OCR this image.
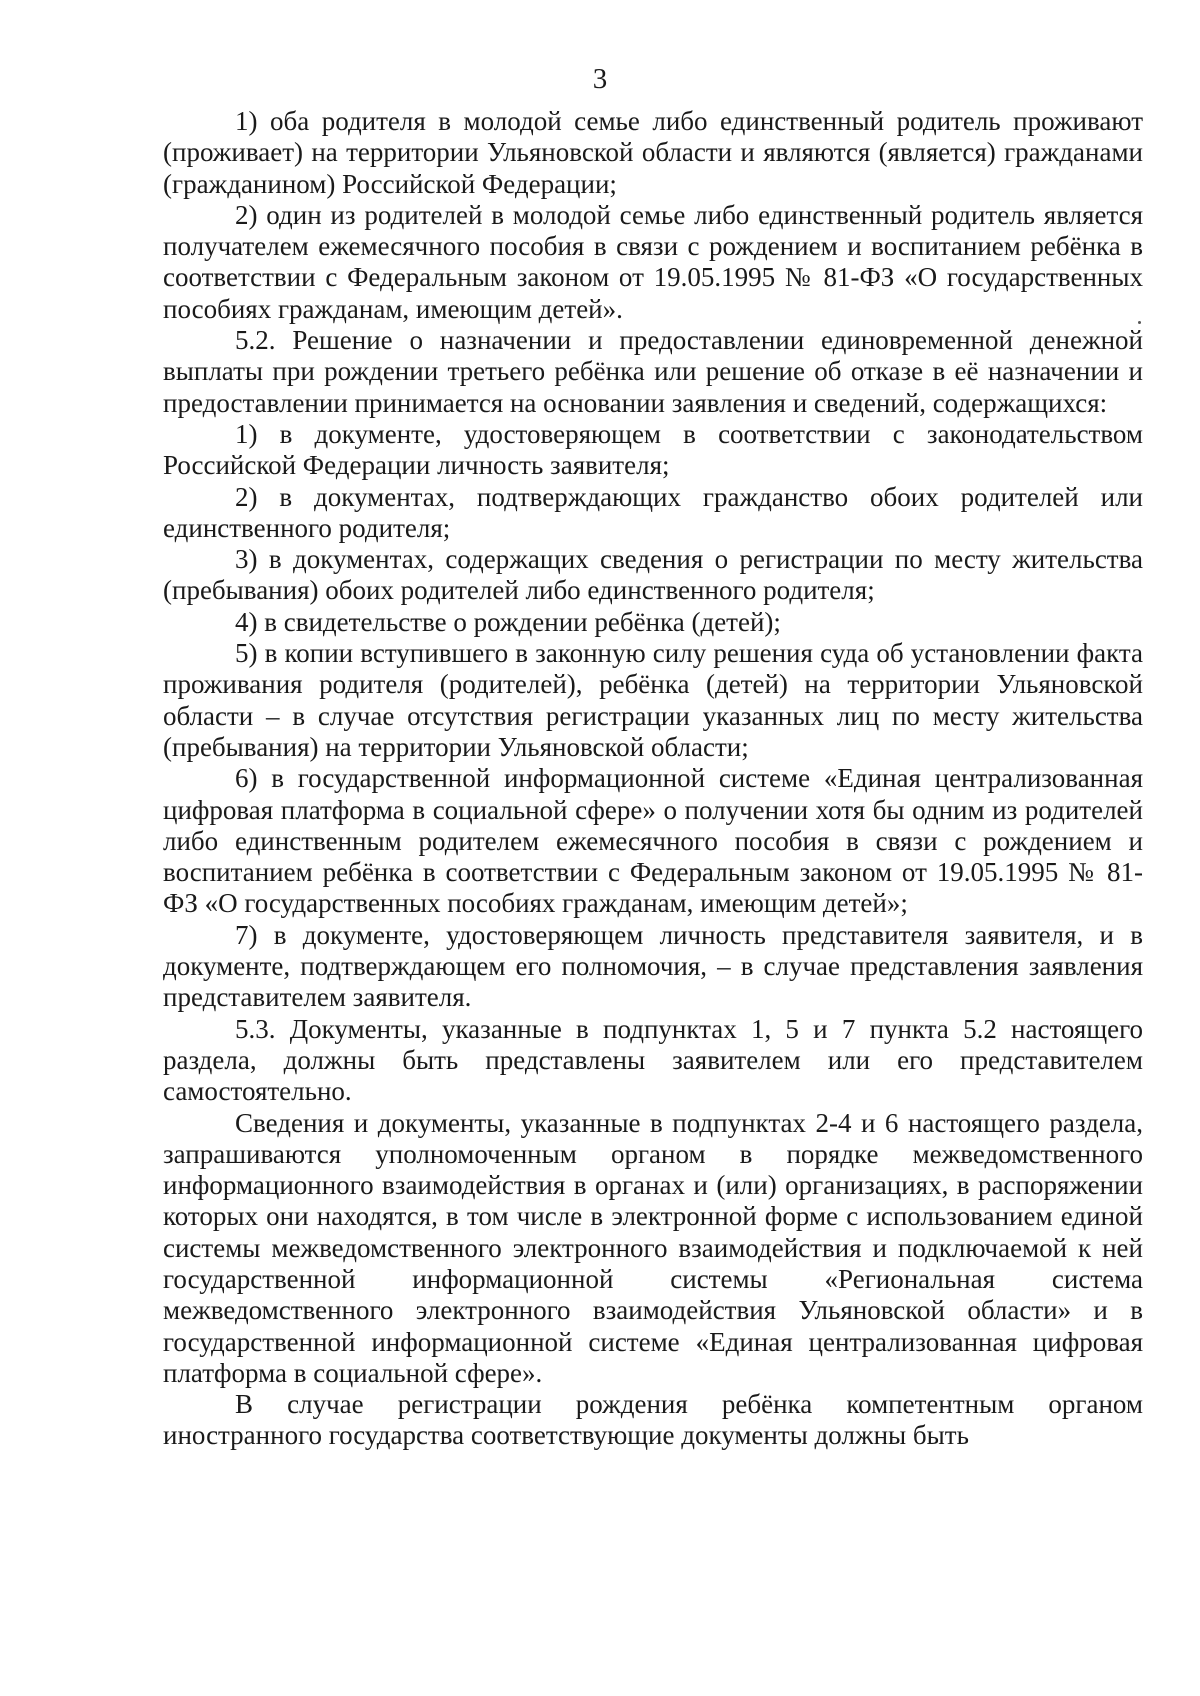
3

1) оба родителя в молодой семье либо единственный родитель проживают (проживает) на территории Ульяновской области и являются (является) гражданами (гражданином) Российской Федерации;

2) один из родителей в молодой семье либо единственный родитель является получателем ежемесячного пособия в связи с рождением и воспитанием ребёнка в соответствии с Федеральным законом от 19.05.1995 № 81-ФЗ «О государственных пособиях гражданам, имеющим детей».

5.2. Решение о назначении и предоставлении единовременной денежной выплаты при рождении третьего ребёнка или решение об отказе в её назначении и предоставлении принимается на основании заявления и сведений, содержащихся:

1) в документе, удостоверяющем в соответствии с законодательством Российской Федерации личность заявителя;

2) в документах, подтверждающих гражданство обоих родителей или единственного родителя;

3) в документах, содержащих сведения о регистрации по месту жительства (пребывания) обоих родителей либо единственного родителя;

4) в свидетельстве о рождении ребёнка (детей);

5) в копии вступившего в законную силу решения суда об установлении факта проживания родителя (родителей), ребёнка (детей) на территории Ульяновской области – в случае отсутствия регистрации указанных лиц по месту жительства (пребывания) на территории Ульяновской области;

6) в государственной информационной системе «Единая централизованная цифровая платформа в социальной сфере» о получении хотя бы одним из родителей либо единственным родителем ежемесячного пособия в связи с рождением и воспитанием ребёнка в соответствии с Федеральным законом от 19.05.1995 № 81-ФЗ «О государственных пособиях гражданам, имеющим детей»;

7) в документе, удостоверяющем личность представителя заявителя, и в документе, подтверждающем его полномочия, – в случае представления заявления представителем заявителя.

5.3. Документы, указанные в подпунктах 1, 5 и 7 пункта 5.2 настоящего раздела, должны быть представлены заявителем или его представителем самостоятельно.

Сведения и документы, указанные в подпунктах 2-4 и 6 настоящего раздела, запрашиваются уполномоченным органом в порядке межведомственного информационного взаимодействия в органах и (или) организациях, в распоряжении которых они находятся, в том числе в электронной форме с использованием единой системы межведомственного электронного взаимодействия и подключаемой к ней государственной информационной системы «Региональная система межведомственного электронного взаимодействия Ульяновской области» и в государственной информационной системе «Единая централизованная цифровая платформа в социальной сфере».

В случае регистрации рождения ребёнка компетентным органом иностранного государства соответствующие документы должны быть
